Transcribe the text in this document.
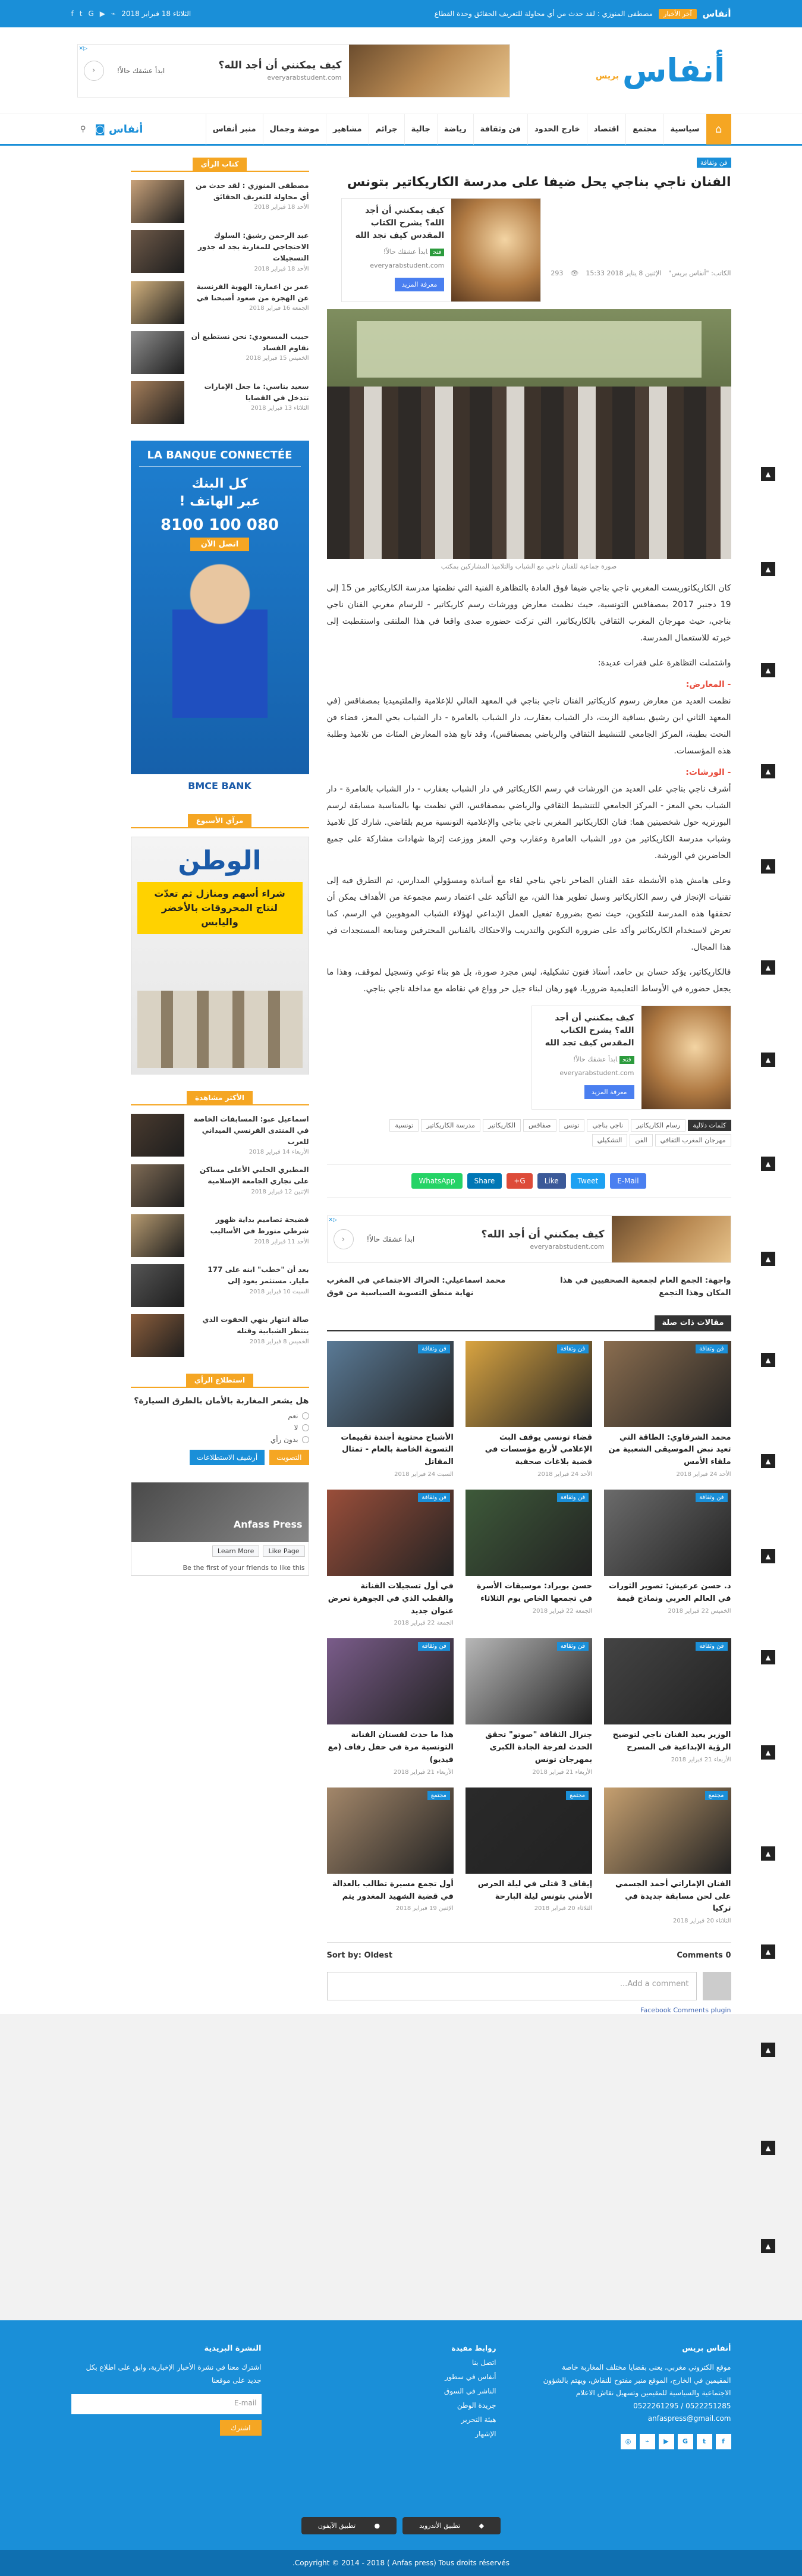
أنفاس
آخر الأخبار
مصطفى المنوزي : لقد حدث من أي محاولة للتعريف الحقائق وحدة القطاع
الثلاثاء 18 فبراير 2018
⌁
▶
G
t
f
أنفاس
بريس
▷✕
كيف يمكنني أن أجد الله؟
everyarabstudent.com
ابدأ عشقك حالاً!
‹
⌂
سياسية
مجتمع
اقتصاد
خارج الحدود
فن وثقافة
رياضة
جالية
جرائم
مشاهير
موضة وجمال
منبر أنفاس
أنفاس
◙
⚲
فن وثقافة
الفنان ناجي بناجي يحل ضيفا على مدرسة الكاريكاتير بتونس
الكاتب: "أنفاس بريس"
الإثنين 8 يناير 2018 15:33
👁
293
كيف يمكنني أن أجد الله؟ يشرح الكتاب المقدس كيف تجد الله
فتحابدأ عشقك حالاً!
everyarabstudent.com
معرفة المزيد
صورة جماعية للفنان ناجي مع الشباب والتلاميذ المشاركين بمكتب

كان الكاريكاتوريست المغربي ناجي بناجي ضيفا فوق العادة بالتظاهرة الفنية التي نظمتها مدرسة الكاريكاتير من 15 إلى 19 دجنبر 2017 بمصفاقس التونسية، حيث نظمت معارض وورشات رسم كاريكاتير - للرسام مغربي الفنان ناجي بناجي، حيث مهرجان المغرب الثقافي بالكاريكاتير، التي تركت حضوره صدى واقعا في هذا الملتقى واستقطبت إلى خبرته للاستعمال المدرسة.

واشتملت التظاهرة على فقرات عديدة:

- المعارض:

نظمت العديد من معارض رسوم كاريكاتير الفنان ناجي بناجي في المعهد العالي للإعلامية والملتيميديا بمصفاقس (في المعهد الثاني ابن رشيق بساقية الزيت، دار الشباب بعقارب، دار الشباب بالعامرة - دار الشباب بحي المعز، فضاء فن النحت بطينة، المركز الجامعي للتنشيط الثقافي والرياضي بمصفاقس)، وقد تابع هذه المعارض المئات من تلاميذ وطلبة هذه المؤسسات.

- الورشات:

أشرف ناجي بناجي على العديد من الورشات في رسم الكاريكاتير في دار الشباب بعقارب - دار الشباب بالعامرة - دار الشباب بحي المعز - المركز الجامعي للتنشيط الثقافي والرياضي بمصفاقس، التي نظمت بها بالمناسبة مسابقة لرسم البورتريه حول شخصيتين هما: فنان الكاريكاتير المغربي ناجي بناجي والإعلامية التونسية مريم بلقاضي. شارك كل تلاميذ وشباب مدرسة الكاريكاتير من دور الشباب العامرة وعقارب وحي المعز ووزعت إثرها شهادات مشاركة على جميع الحاضرين في الورشة.

وعلى هامش هذه الأنشطة عقد الفنان الضاحر ناجي بناجي لقاء مع أساتذة ومسؤولي المدارس، تم التطرق فيه إلى تقنيات الإنجاز في رسم الكاريكاتير وسبل تطوير هذا الفن، مع التأكيد على اعتماد رسم مجموعة من الأهداف يمكن أن تحققها هذه المدرسة للتكوين، حيث نصح بضرورة تفعيل العمل الإبداعي لهؤلاء الشباب الموهوبين في الرسم، كما تعرض لاستخدام الكاريكاتير وأكد على ضرورة التكوين والتدريب والاحتكاك بالفنانين المحترفين ومتابعة المستجدات في هذا المجال.

فالكاريكاتير، يؤكد حسان بن حامد، أستاذ فنون تشكيلية، ليس مجرد صورة، بل هو بناء توعي وتسجيل لموقف، وهذا ما يجعل حضوره في الأوساط التعليمية ضروريا، فهو رهان لبناء جيل حر وواع في نقاطه مع مداخلة ناجي بناجي.

كيف يمكنني أن أجد الله؟ يشرح الكتاب المقدس كيف تجد الله
فتحابدأ عشقك حالاً!
everyarabstudent.com
معرفة المزيد
كلمات دلالية
رسام الكاريكاتير
ناجي بناجي
تونس
صفاقس
الكاريكاتير
مدرسة الكاريكاتير
تونسية
مهرجان المغرب الثقافي
الفن
التشكيلي
E-Mail
Tweet
Like
G+
Share
WhatsApp
▷✕
كيف يمكنني أن أجد الله؟
everyarabstudent.com
ابدأ عشقك حالاً!
‹
واجهة: الجمع العام لجمعية الصحفيين في هذا المكان وهذا التجمع
محمد اسماعيلي: الحراك الاجتماعي في المغرب نهاية منطق التسوية السياسية من فوق
مقالات ذات صلة
فن وثقافة
محمد الشرقاوي: الطاقة التي تعيد نبض الموسيقى الشعبية من ملقاء الأمس
الأحد 24 فبراير 2018
فن وثقافة
قضاء تونسي يوقف البث الإعلامي لأربع مؤسسات في قضية بلاغات صحفية
الأحد 24 فبراير 2018
فن وثقافة
الأشباح محتوية أجندة تقييمات التسوية الخاصة بالعام - تمثال المقاتل
السبت 24 فبراير 2018
فن وثقافة
د. حسن عرعيش: تصوير الثورات في العالم العربي ونماذج قيمة
الخميس 22 فبراير 2018
فن وثقافة
حسن بوبراد: موسيقات الأسرة في تجمعها الخاص يوم الثلاثاء
الجمعة 22 فبراير 2018
فن وثقافة
في أول تسجيلات الفنانة والقطب الذي في الجوهرة تعرض عنوان جديد
الجمعة 22 فبراير 2018
فن وثقافة
الوزير يعيد الفنان ناجي لتوضيح الرؤية الإبداعية في المسرح
الأربعاء 21 فبراير 2018
فن وثقافة
جنرال الثقافة "صوتو" تحقق الحدث لفرجة الجادة الكبرى بمهرجان تونس
الأربعاء 21 فبراير 2018
فن وثقافة
هذا ما حدث لفستان الفنانة التونسية مرة في حفل زفاف (مع فيديو)
الأربعاء 21 فبراير 2018
مجتمع
الفنان الإماراتي أحمد الجسمي على لحن مسابقة جديدة في تركيا
الثلاثاء 20 فبراير 2018
مجتمع
إيقاف 3 قتلى في ليلة الحرس الأمني بتونس ليلة البارحة
الثلاثاء 20 فبراير 2018
مجتمع
أول تجمع مسيرة تطالب بالعدالة في قضية الشهيد المغدور يتم
الإثنين 19 فبراير 2018
0 Comments
Sort by: Oldest
Add a comment...
Facebook Comments plugin
كتاب الرأي
مصطفى المنوزي : لقد حدث من أي محاولة للتعريف الحقائق
الأحد 18 فبراير 2018
عبد الرحمن رشيق: السلوك الاحتجاجي للمغاربة يجد له جذور التسجيلات
الأحد 18 فبراير 2018
عمر بن اعمارة: الهوية الفرنسية عن الهجرة من صعود أصبحنا في
الجمعة 16 فبراير 2018
حبيب المسعودي: نحن نستطيع أن نقاوم الفساد
الخميس 15 فبراير 2018
سعيد بناسي: ما جعل الإمارات تتدخل في القضايا
الثلاثاء 13 فبراير 2018
LA BANQUE CONNECTÉE
كل البنك
عبر الهاتف !
080 100 8100
اتصل الآن
BMCE BANK
مرآي الأسبوع
الوطن
شراء أسهم ومنازل ثم تعدّت
لنتاج المحروقات بالأخضر واليابس
الأكثر مشاهدة
اسماعيل عبو: المسابقات الخاصة في المنتدى الفرنسي الميداني للعرب
الأربعاء 14 فبراير 2018
المطيري الحلبي الأعلى مساكن على تجاري الجامعة الإسلامية
الإثنين 12 فبراير 2018
فضيحة تصاميم بداية ظهور شرطي متورط في الأساليب
الأحد 11 فبراير 2018
بعد أن "خطب" ابنه على 177 مليار. مستثمر يعود إلى
السبت 10 فبراير 2018
صالة انتهار ينهي الخفوت الذي ينتظر الشبابية وقتله
الخميس 8 فبراير 2018
استطلاع الرأي
هل يشعر المغاربة بالأمان بالطرق السيارة؟
نعم
لا
بدون رأي
التصويت
أرشيف الاستطلاعات
Anfass Press
Like Page
Learn More
Be the first of your friends to like this
▲
▲
▲
▲
▲
▲
▲
▲
▲
▲
▲
▲
▲
▲
▲
▲
▲
▲
▲
أنفاس بريس
موقع الكتروني مغربي، يعنى بقضايا مختلف المغاربة خاصة المقيمين في الخارج، الموقع منبر مفتوح للنقاش، ويهتم بالشؤون الاجتماعية والسياسية للمقيمين وتسهيل نقاش الاعلام
0522251285 / 0522261295
anfaspress@gmail.com
f
t
G
▶
⌁
◎
روابط مفيدة
اتصل بنا
أنفاس في سطور
الناشر في السوق
جريدة الوطن
هيئة التحرير
الإشهار
النشرة البريدية

اشترك معنا في نشرة الأخبار الإخبارية، وابق على اطلاع بكل جديد على موقعنا

E-mail
اشترك
◆ تطبيق الأندرويد
● تطبيق الآيفون
Copyright © 2014 - 2018 ( Anfas press) Tous droits réservés.
